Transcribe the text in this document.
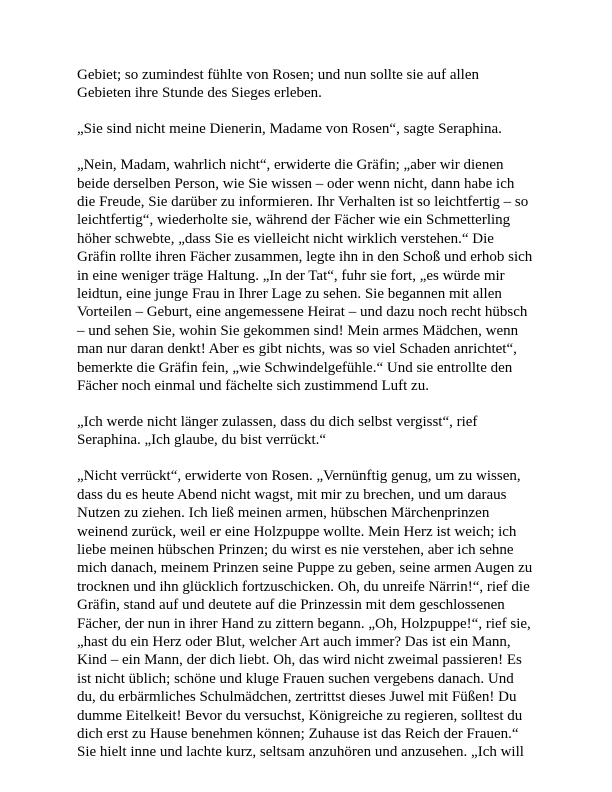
Gebiet; so zumindest fühlte von Rosen; und nun sollte sie auf allen
Gebieten ihre Stunde des Sieges erleben.

„Sie sind nicht meine Dienerin, Madame von Rosen“, sagte Seraphina.

„Nein, Madam, wahrlich nicht“, erwiderte die Gräfin; „aber wir dienen
beide derselben Person, wie Sie wissen – oder wenn nicht, dann habe ich
die Freude, Sie darüber zu informieren. Ihr Verhalten ist so leichtfertig – so
leichtfertig“, wiederholte sie, während der Fächer wie ein Schmetterling
höher schwebte, „dass Sie es vielleicht nicht wirklich verstehen.“ Die
Gräfin rollte ihren Fächer zusammen, legte ihn in den Schoß und erhob sich
in eine weniger träge Haltung. „In der Tat“, fuhr sie fort, „es würde mir
leidtun, eine junge Frau in Ihrer Lage zu sehen. Sie begannen mit allen
Vorteilen – Geburt, eine angemessene Heirat – und dazu noch recht hübsch
– und sehen Sie, wohin Sie gekommen sind! Mein armes Mädchen, wenn
man nur daran denkt! Aber es gibt nichts, was so viel Schaden anrichtet“,
bemerkte die Gräfin fein, „wie Schwindelgefühle.“ Und sie entrollte den
Fächer noch einmal und fächelte sich zustimmend Luft zu.

„Ich werde nicht länger zulassen, dass du dich selbst vergisst“, rief
Seraphina. „Ich glaube, du bist verrückt.“

„Nicht verrückt“, erwiderte von Rosen. „Vernünftig genug, um zu wissen,
dass du es heute Abend nicht wagst, mit mir zu brechen, und um daraus
Nutzen zu ziehen. Ich ließ meinen armen, hübschen Märchenprinzen
weinend zurück, weil er eine Holzpuppe wollte. Mein Herz ist weich; ich
liebe meinen hübschen Prinzen; du wirst es nie verstehen, aber ich sehne
mich danach, meinem Prinzen seine Puppe zu geben, seine armen Augen zu
trocknen und ihn glücklich fortzuschicken. Oh, du unreife Närrin!“, rief die
Gräfin, stand auf und deutete auf die Prinzessin mit dem geschlossenen
Fächer, der nun in ihrer Hand zu zittern begann. „Oh, Holzpuppe!“, rief sie,
„hast du ein Herz oder Blut, welcher Art auch immer? Das ist ein Mann,
Kind – ein Mann, der dich liebt. Oh, das wird nicht zweimal passieren! Es
ist nicht üblich; schöne und kluge Frauen suchen vergebens danach. Und
du, du erbärmliches Schulmädchen, zertrittst dieses Juwel mit Füßen! Du
dumme Eitelkeit! Bevor du versuchst, Königreiche zu regieren, solltest du
dich erst zu Hause benehmen können; Zuhause ist das Reich der Frauen.“
Sie hielt inne und lachte kurz, seltsam anzuhören und anzusehen. „Ich will
